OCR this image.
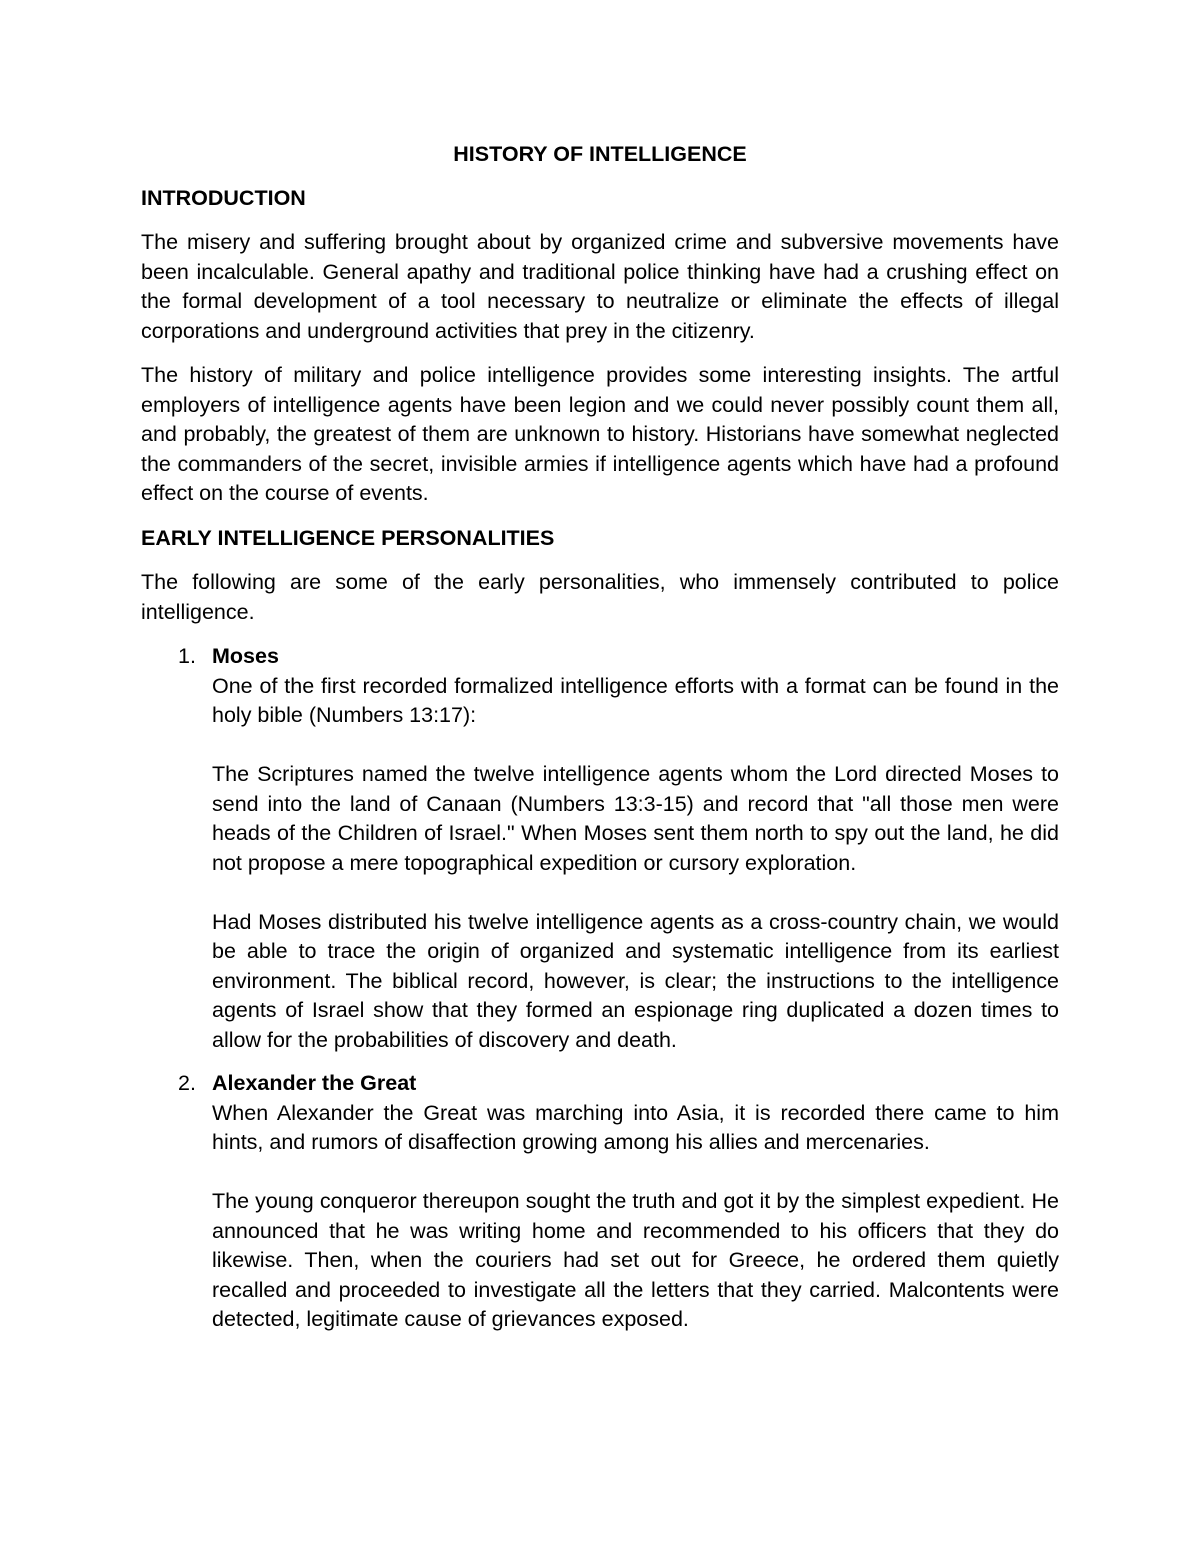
HISTORY OF INTELLIGENCE
INTRODUCTION

The misery and suffering brought about by organized crime and subversive movements have been incalculable. General apathy and traditional police thinking have had a crushing effect on the formal development of a tool necessary to neutralize or eliminate the effects of illegal corporations and underground activities that prey in the citizenry.

The history of military and police intelligence provides some interesting insights. The artful employers of intelligence agents have been legion and we could never possibly count them all, and probably, the greatest of them are unknown to history. Historians have somewhat neglected the commanders of the secret, invisible armies if intelligence agents which have had a profound effect on the course of events.

EARLY INTELLIGENCE PERSONALITIES

The following are some of the early personalities, who immensely contributed to police intelligence.

1. Moses
One of the first recorded formalized intelligence efforts with a format can be found in the holy bible (Numbers 13:17):
The Scriptures named the twelve intelligence agents whom the Lord directed Moses to send into the land of Canaan (Numbers 13:3-15) and record that "all those men were heads of the Children of Israel." When Moses sent them north to spy out the land, he did not propose a mere topographical expedition or cursory exploration.
Had Moses distributed his twelve intelligence agents as a cross-country chain, we would be able to trace the origin of organized and systematic intelligence from its earliest environment. The biblical record, however, is clear; the instructions to the intelligence agents of Israel show that they formed an espionage ring duplicated a dozen times to allow for the probabilities of discovery and death.
2. Alexander the Great
When Alexander the Great was marching into Asia, it is recorded there came to him hints, and rumors of disaffection growing among his allies and mercenaries.
The young conqueror thereupon sought the truth and got it by the simplest expedient. He announced that he was writing home and recommended to his officers that they do likewise. Then, when the couriers had set out for Greece, he ordered them quietly recalled and proceeded to investigate all the letters that they carried. Malcontents were detected, legitimate cause of grievances exposed.
